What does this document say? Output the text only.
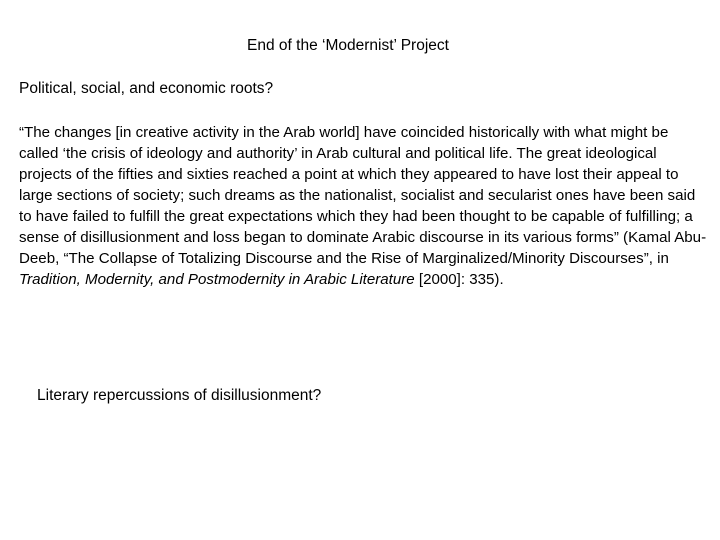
End of the ‘Modernist’ Project
Political, social, and economic roots?

“The changes [in creative activity in the Arab world] have coincided historically with what might be called ‘the crisis of ideology and authority’ in Arab cultural and political life. The great ideological projects of the fifties and sixties reached a point at which they appeared to have lost their appeal to large sections of society; such dreams as the nationalist, socialist and secularist ones have been said to have failed to fulfill the great expectations which they had been thought to be capable of fulfilling; a sense of disillusionment and loss began to dominate Arabic discourse in its various forms” (Kamal Abu-Deeb, “The Collapse of Totalizing Discourse and the Rise of Marginalized/Minority Discourses”, in Tradition, Modernity, and Postmodernity in Arabic Literature [2000]: 335).

Literary repercussions of disillusionment?
